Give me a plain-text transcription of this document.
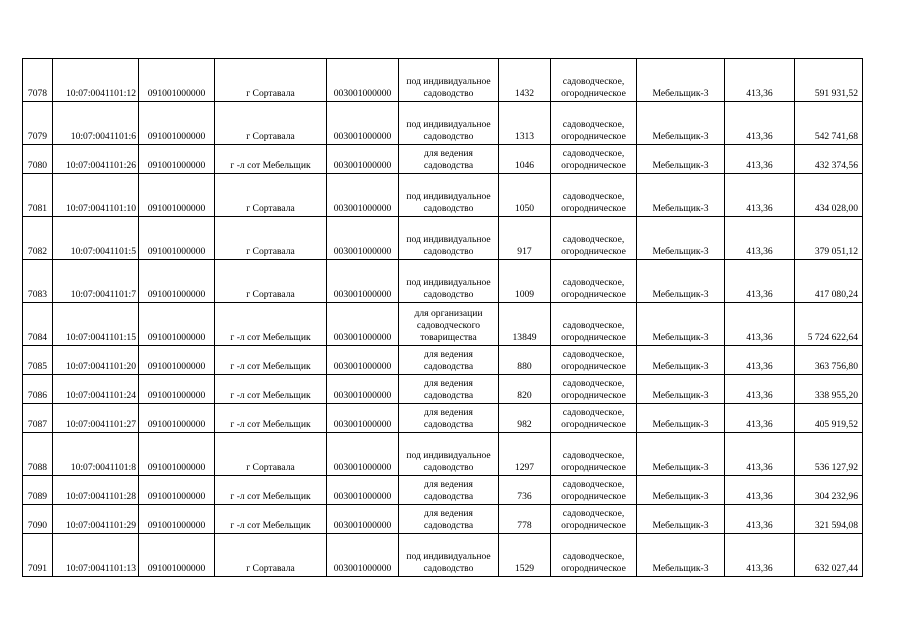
7078	10:07:0041101:12	091001000000	г Сортавала	003001000000	под индивидуальное
садоводство	1432	садоводческое,
огородническое	Мебельщик-3	413,36	591 931,52
7079	10:07:0041101:6	091001000000	г Сортавала	003001000000	под индивидуальное
садоводство	1313	садоводческое,
огородническое	Мебельщик-3	413,36	542 741,68
7080	10:07:0041101:26	091001000000	г -л сот Мебельщик	003001000000	для ведения
садоводства	1046	садоводческое,
огородническое	Мебельщик-3	413,36	432 374,56
7081	10:07:0041101:10	091001000000	г Сортавала	003001000000	под индивидуальное
садоводство	1050	садоводческое,
огородническое	Мебельщик-3	413,36	434 028,00
7082	10:07:0041101:5	091001000000	г Сортавала	003001000000	под индивидуальное
садоводство	917	садоводческое,
огородническое	Мебельщик-3	413,36	379 051,12
7083	10:07:0041101:7	091001000000	г Сортавала	003001000000	под индивидуальное
садоводство	1009	садоводческое,
огородническое	Мебельщик-3	413,36	417 080,24
7084	10:07:0041101:15	091001000000	г -л сот Мебельщик	003001000000	для организации
садоводческого
товарищества	13849	садоводческое,
огородническое	Мебельщик-3	413,36	5 724 622,64
7085	10:07:0041101:20	091001000000	г -л сот Мебельщик	003001000000	для ведения
садоводства	880	садоводческое,
огородническое	Мебельщик-3	413,36	363 756,80
7086	10:07:0041101:24	091001000000	г -л сот Мебельщик	003001000000	для ведения
садоводства	820	садоводческое,
огородническое	Мебельщик-3	413,36	338 955,20
7087	10:07:0041101:27	091001000000	г -л сот Мебельщик	003001000000	для ведения
садоводства	982	садоводческое,
огородническое	Мебельщик-3	413,36	405 919,52
7088	10:07:0041101:8	091001000000	г Сортавала	003001000000	под индивидуальное
садоводство	1297	садоводческое,
огородническое	Мебельщик-3	413,36	536 127,92
7089	10:07:0041101:28	091001000000	г -л сот Мебельщик	003001000000	для ведения
садоводства	736	садоводческое,
огородническое	Мебельщик-3	413,36	304 232,96
7090	10:07:0041101:29	091001000000	г -л сот Мебельщик	003001000000	для ведения
садоводства	778	садоводческое,
огородническое	Мебельщик-3	413,36	321 594,08
7091	10:07:0041101:13	091001000000	г Сортавала	003001000000	под индивидуальное
садоводство	1529	садоводческое,
огородническое	Мебельщик-3	413,36	632 027,44
